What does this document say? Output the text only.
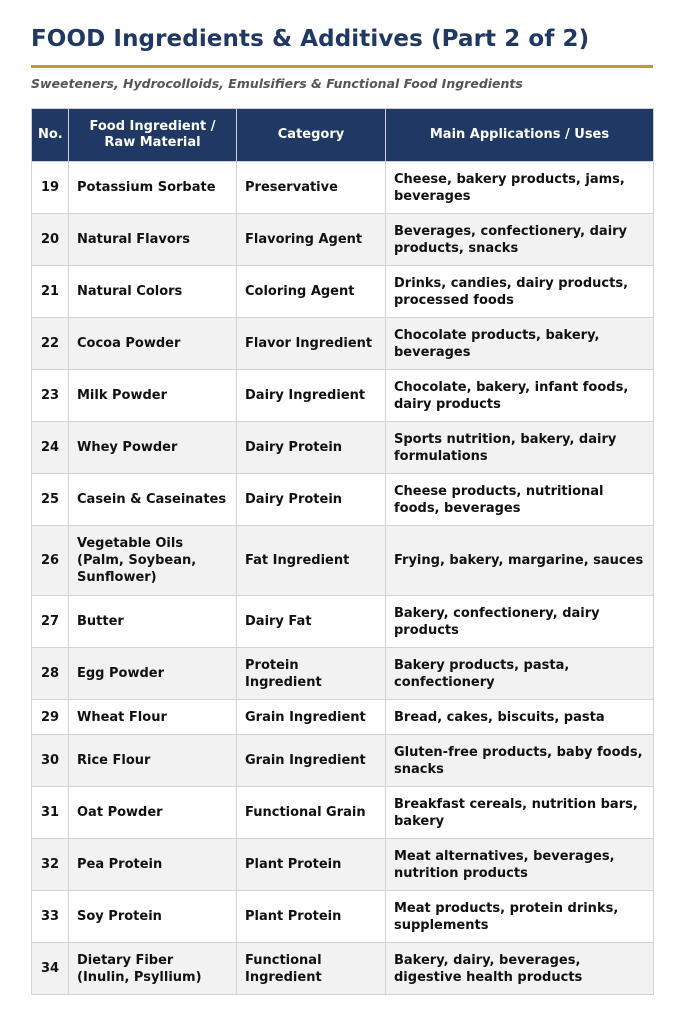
FOOD Ingredients & Additives (Part 2 of 2)

Sweeteners, Hydrocolloids, Emulsifiers & Functional Food Ingredients

No.	Food Ingredient / Raw Material	Category	Main Applications / Uses
19	Potassium Sorbate	Preservative	Cheese, bakery products, jams, beverages
20	Natural Flavors	Flavoring Agent	Beverages, confectionery, dairy products, snacks
21	Natural Colors	Coloring Agent	Drinks, candies, dairy products, processed foods
22	Cocoa Powder	Flavor Ingredient	Chocolate products, bakery, beverages
23	Milk Powder	Dairy Ingredient	Chocolate, bakery, infant foods, dairy products
24	Whey Powder	Dairy Protein	Sports nutrition, bakery, dairy formulations
25	Casein & Caseinates	Dairy Protein	Cheese products, nutritional foods, beverages
26	Vegetable Oils (Palm, Soybean, Sunflower)	Fat Ingredient	Frying, bakery, margarine, sauces
27	Butter	Dairy Fat	Bakery, confectionery, dairy products
28	Egg Powder	Protein Ingredient	Bakery products, pasta, confectionery
29	Wheat Flour	Grain Ingredient	Bread, cakes, biscuits, pasta
30	Rice Flour	Grain Ingredient	Gluten-free products, baby foods, snacks
31	Oat Powder	Functional Grain	Breakfast cereals, nutrition bars, bakery
32	Pea Protein	Plant Protein	Meat alternatives, beverages, nutrition products
33	Soy Protein	Plant Protein	Meat products, protein drinks, supplements
34	Dietary Fiber (Inulin, Psyllium)	Functional Ingredient	Bakery, dairy, beverages, digestive health products
